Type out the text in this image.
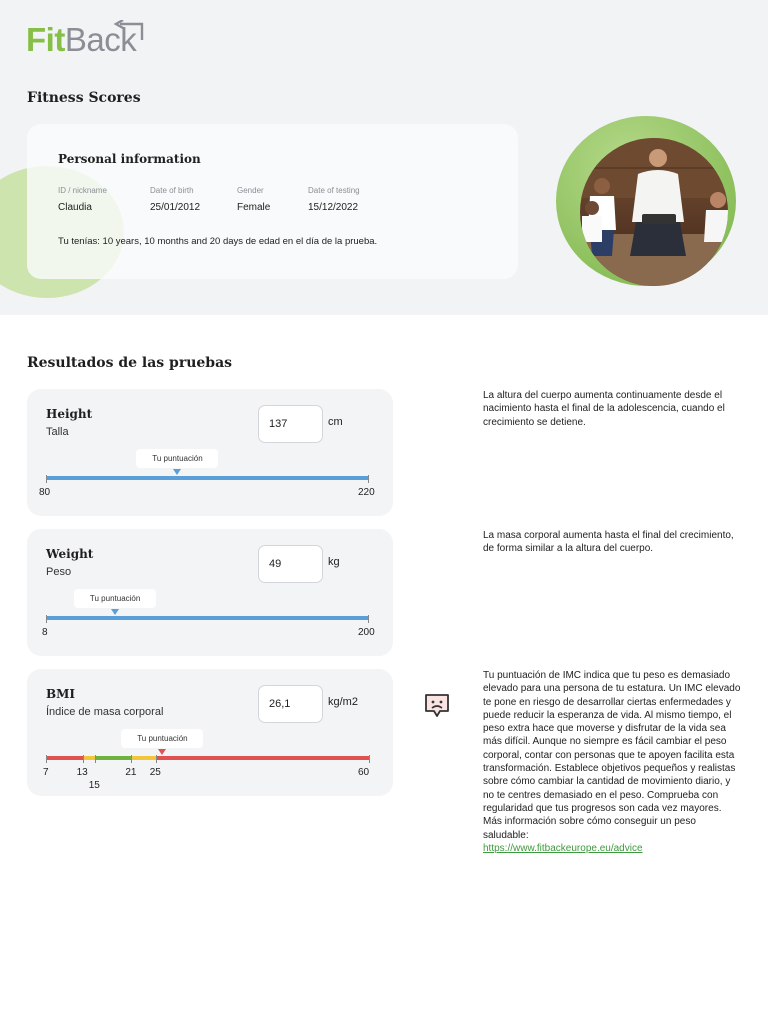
FitBack
Fitness Scores
Personal information
ID / nickname
Claudia
Date of birth
25/01/2012
Gender
Female
Date of testing
15/12/2022
Tu tenías: 10 years, 10 months and 20 days de edad en el día de la prueba.
Resultados de las pruebas
Height
Talla
137	cm
Tu puntuación
80	220
La altura del cuerpo aumenta continuamente desde el nacimiento hasta el final de la adolescencia, cuando el crecimiento se detiene.
Weight
Peso
49	kg
Tu puntuación
8	200
La masa corporal aumenta hasta el final del crecimiento, de forma similar a la altura del cuerpo.
BMI
Índice de masa corporal
26,1	kg/m2
Tu puntuación
7	13
15
21 25	60
Tu puntuación de IMC indica que tu peso es demasiado elevado para una persona de tu estatura. Un IMC elevado te pone en riesgo de desarrollar ciertas enfermedades y puede reducir la esperanza de vida. Al mismo tiempo, el peso extra hace que moverse y disfrutar de la vida sea más difícil. Aunque no siempre es fácil cambiar el peso corporal, contar con personas que te apoyen facilita esta transformación. Establece objetivos pequeños y realistas sobre cómo cambiar la cantidad de movimiento diario, y no te centres demasiado en el peso. Comprueba con regularidad que tus progresos son cada vez mayores. Más información sobre cómo conseguir un peso saludable:
https://www.fitbackeurope.eu/advice
